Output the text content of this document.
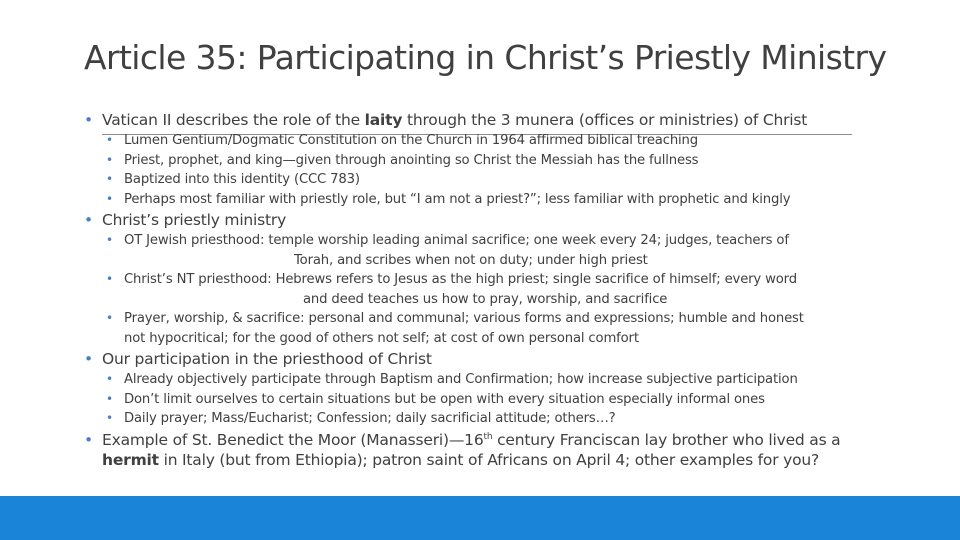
Article 35: Participating in Christ’s Priestly Ministry
• Vatican II describes the role of the laity through the 3 munera (offices or ministries) of Christ
• Lumen Gentium/Dogmatic Constitution on the Church in 1964 affirmed biblical treaching
• Priest, prophet, and king—given through anointing so Christ the Messiah has the fullness
• Baptized into this identity (CCC 783)
• Perhaps most familiar with priestly role, but “I am not a priest?”; less familiar with prophetic and kingly
• Christ’s priestly ministry
• OT Jewish priesthood: temple worship leading animal sacrifice; one week every 24; judges, teachers of
Torah, and scribes when not on duty; under high priest
• Christ’s NT priesthood: Hebrews refers to Jesus as the high priest; single sacrifice of himself; every word
and deed teaches us how to pray, worship, and sacrifice
• Prayer, worship, & sacrifice: personal and communal; various forms and expressions; humble and honest
not hypocritical; for the good of others not self; at cost of own personal comfort
• Our participation in the priesthood of Christ
• Already objectively participate through Baptism and Confirmation; how increase subjective participation
• Don’t limit ourselves to certain situations but be open with every situation especially informal ones
• Daily prayer; Mass/Eucharist; Confession; daily sacrificial attitude; others…?
• Example of St. Benedict the Moor (Manasseri)—16th century Franciscan lay brother who lived as a
hermit in Italy (but from Ethiopia); patron saint of Africans on April 4; other examples for you?
